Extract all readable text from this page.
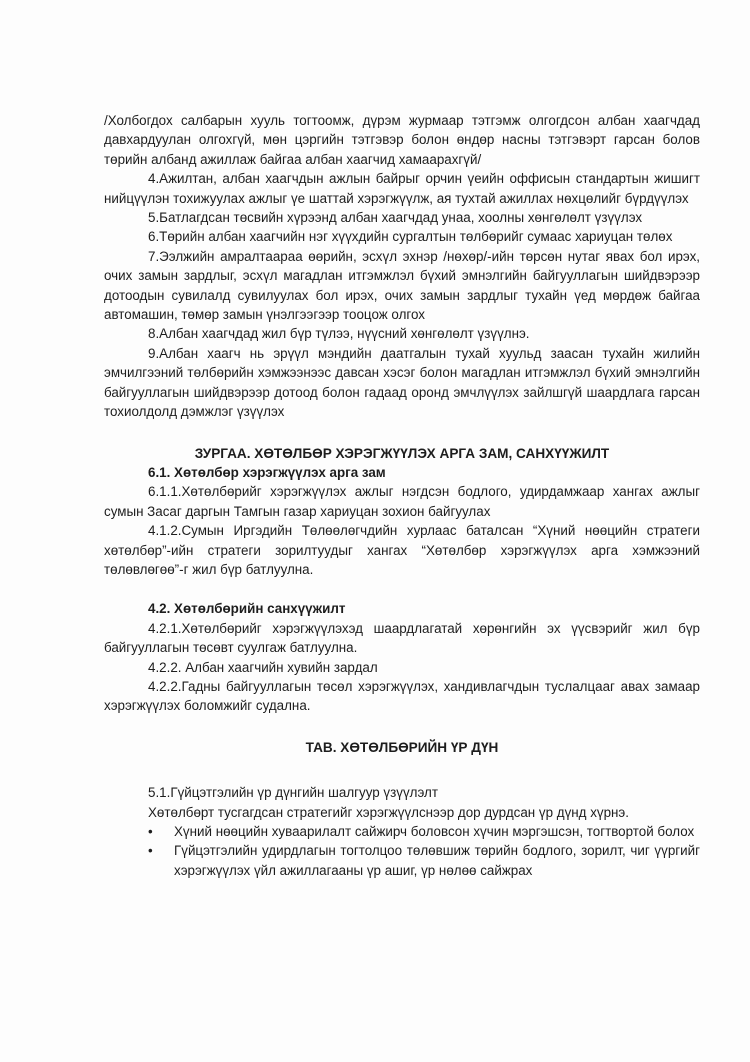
/Холбогдох салбарын хууль тогтоомж, дүрэм журмаар тэтгэмж олгогдсон албан хаагчдад давхардуулан олгохгүй, мөн цэргийн тэтгэвэр болон өндөр насны тэтгэвэрт гарсан болов төрийн албанд ажиллаж байгаа албан хаагчид хамаарахгүй/

4.Ажилтан, албан хаагчдын ажлын байрыг орчин үеийн оффисын стандартын жишигт нийцүүлэн тохижуулах ажлыг үе шаттай хэрэгжүүлж, ая тухтай ажиллах нөхцөлийг бүрдүүлэх

5.Батлагдсан төсвийн хүрээнд албан хаагчдад унаа, хоолны хөнгөлөлт үзүүлэх

6.Төрийн албан хаагчийн нэг хүүхдийн сургалтын төлбөрийг сумаас хариуцан төлөх

7.Ээлжийн амралтаараа өөрийн, эсхүл эхнэр /нөхөр/-ийн төрсөн нутаг явах бол ирэх, очих замын зардлыг, эсхүл магадлан итгэмжлэл бүхий эмнэлгийн байгууллагын шийдвэрээр дотоодын сувилалд сувилуулах бол ирэх, очих замын зардлыг тухайн үед мөрдөж байгаа автомашин, төмөр замын үнэлгээгээр тооцож олгох

8.Албан хаагчдад жил бүр түлээ, нүүсний хөнгөлөлт үзүүлнэ.

9.Албан хаагч нь эрүүл мэндийн даатгалын тухай хуульд заасан тухайн жилийн эмчилгээний төлбөрийн хэмжээнээс давсан хэсэг болон магадлан итгэмжлэл бүхий эмнэлгийн байгууллагын шийдвэрээр дотоод болон гадаад оронд эмчлүүлэх зайлшгүй шаардлага гарсан тохиолдолд дэмжлэг үзүүлэх

ЗУРГАА. ХӨТӨЛБӨР ХЭРЭГЖҮҮЛЭХ АРГА ЗАМ, САНХҮҮЖИЛТ

6.1. Хөтөлбөр хэрэгжүүлэх арга зам

6.1.1.Хөтөлбөрийг хэрэгжүүлэх ажлыг нэгдсэн бодлого, удирдамжаар хангах ажлыг сумын Засаг даргын Тамгын газар хариуцан зохион байгуулах

4.1.2.Сумын Иргэдийн Төлөөлөгчдийн хурлаас баталсан “Хүний нөөцийн стратеги хөтөлбөр”-ийн стратеги зорилтуудыг хангах “Хөтөлбөр хэрэгжүүлэх арга хэмжээний төлөвлөгөө”-г жил бүр батлуулна.

4.2. Хөтөлбөрийн санхүүжилт

4.2.1.Хөтөлбөрийг хэрэгжүүлэхэд шаардлагатай хөрөнгийн эх үүсвэрийг жил бүр байгууллагын төсөвт суулгаж батлуулна.

4.2.2. Албан хаагчийн хувийн зардал

4.2.2.Гадны байгууллагын төсөл хэрэгжүүлэх, хандивлагчдын туслалцааг авах замаар хэрэгжүүлэх боломжийг судална.

ТАВ. ХӨТӨЛБӨРИЙН ҮР ДҮН

5.1.Гүйцэтгэлийн үр дүнгийн шалгуур үзүүлэлт

Хөтөлбөрт тусгагдсан стратегийг хэрэгжүүлснээр дор дурдсан үр дүнд хүрнэ.

• Хүний нөөцийн хуваарилалт сайжирч боловсон хүчин мэргэшсэн, тогтвортой болох
• Гүйцэтгэлийн удирдлагын тогтолцоо төлөвшиж төрийн бодлого, зорилт, чиг үүргийг хэрэгжүүлэх үйл ажиллагааны үр ашиг, үр нөлөө сайжрах
